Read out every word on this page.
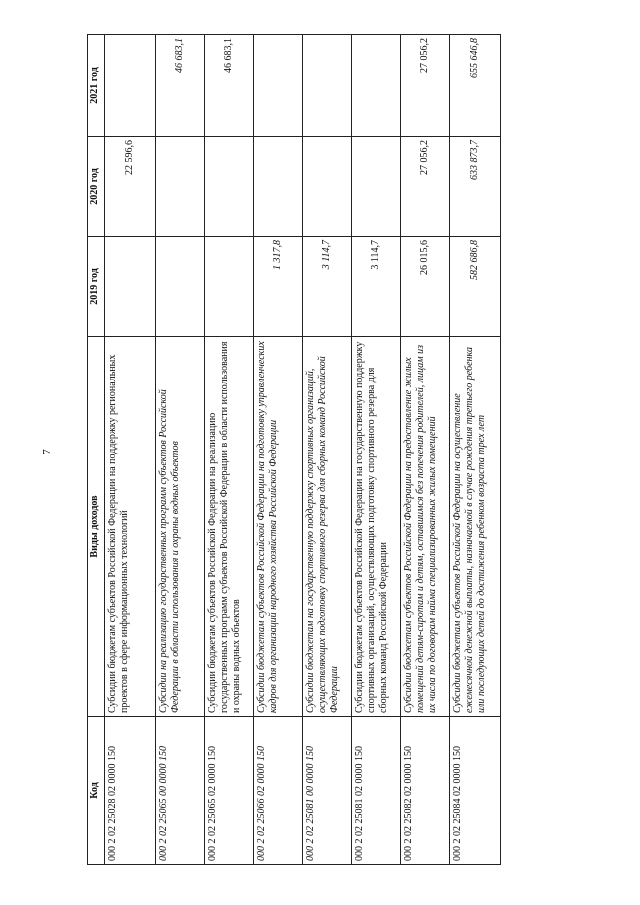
7
Код	Виды доходов	2019 год	2020 год	2021 год
000 2 02 25028 02 0000 150	Субсидии бюджетам субъектов Российской Федерации на поддержку региональных проектов в сфере информационных технологий		22 596,6	
000 2 02 25065 00 0000 150	Субсидии на реализацию государственных программ субъектов Российской Федерации в области использования и охраны водных объектов			46 683,1
000 2 02 25065 02 0000 150	Субсидии бюджетам субъектов Российской Федерации на реализацию государственных программ субъектов Российской Федерации в области использования и охраны водных объектов			46 683,1
000 2 02 25066 02 0000 150	Субсидии бюджетам субъектов Российской Федерации на подготовку управленческих кадров для организаций народного хозяйства Российской Федерации	1 317,8		
000 2 02 25081 00 0000 150	Субсидии бюджетам на государственную поддержку спортивных организаций, осуществляющих подготовку спортивного резерва для сборных команд Российской Федерации	3 114,7		
000 2 02 25081 02 0000 150	Субсидии бюджетам субъектов Российской Федерации на государственную поддержку спортивных организаций, осуществляющих подготовку спортивного резерва для сборных команд Российской Федерации	3 114,7		
000 2 02 25082 02 0000 150	Субсидии бюджетам субъектов Российской Федерации на предоставление жилых помещений детям-сиротам и детям, оставшимся без попечения родителей, лицам из их числа по договорам найма специализированных жилых помещений	26 015,6	27 056,2	27 056,2
000 2 02 25084 02 0000 150	Субсидии бюджетам субъектов Российской Федерации на осуществление ежемесячной денежной выплаты, назначаемой в случае рождения третьего ребенка или последующих детей до достижения ребенком возраста трех лет	582 686,8	633 873,7	655 646,8
